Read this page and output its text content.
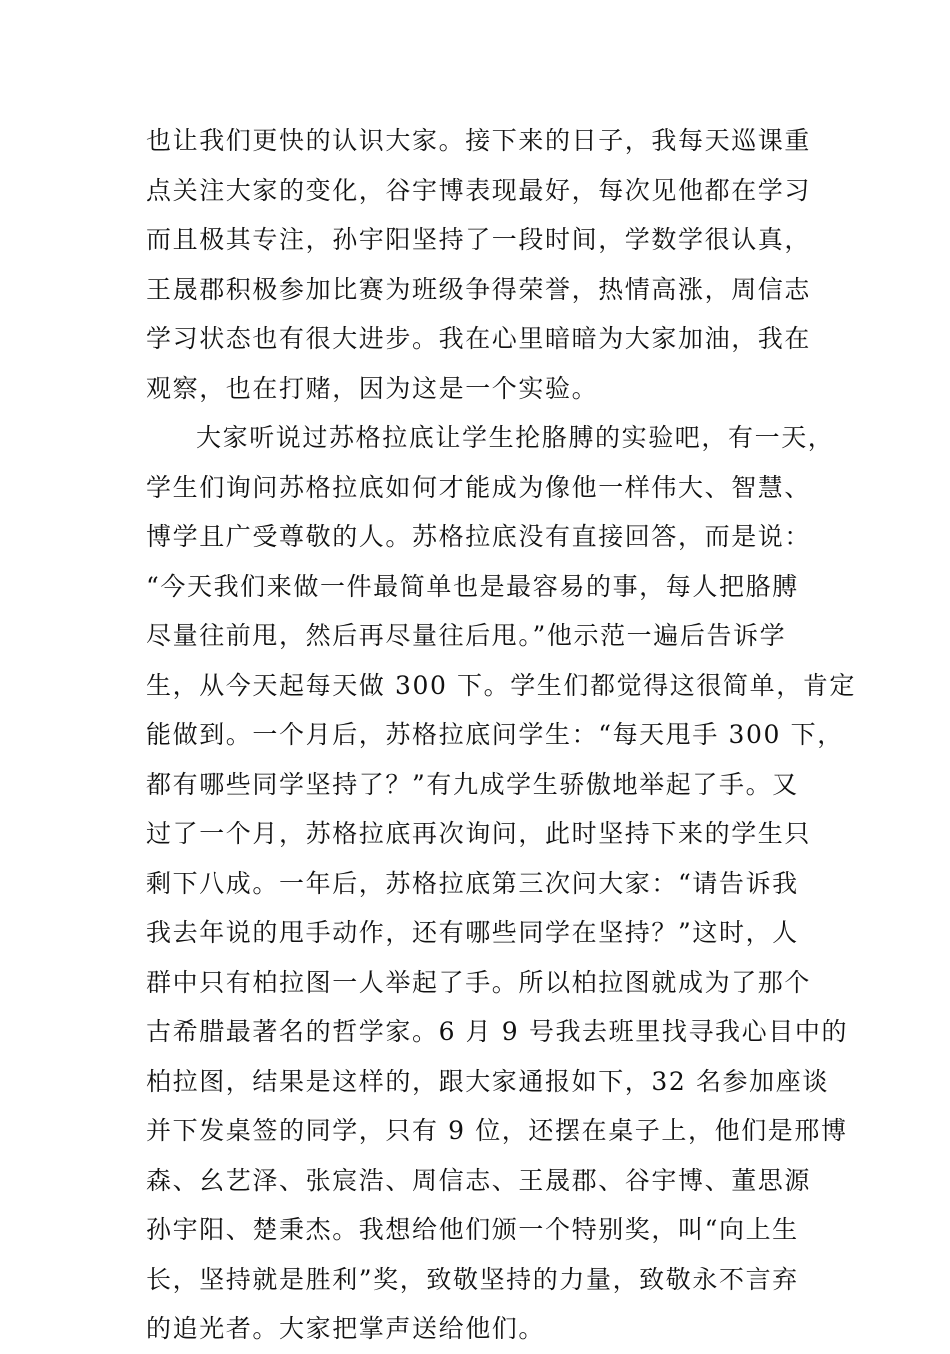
也让我们更快的认识大家。接下来的日子，我每天巡课重
点关注大家的变化，谷宇博表现最好，每次见他都在学习
而且极其专注，孙宇阳坚持了一段时间，学数学很认真，
王晟郡积极参加比赛为班级争得荣誉，热情高涨，周信志
学习状态也有很大进步。我在心里暗暗为大家加油，我在
观察，也在打赌，因为这是一个实验。
大家听说过苏格拉底让学生抡胳膊的实验吧，有一天，
学生们询问苏格拉底如何才能成为像他一样伟大、智慧、
博学且广受尊敬的人。苏格拉底没有直接回答，而是说：
“今天我们来做一件最简单也是最容易的事，每人把胳膊
尽量往前甩，然后再尽量往后甩。”他示范一遍后告诉学
生，从今天起每天做 300 下。学生们都觉得这很简单，肯定
能做到。一个月后，苏格拉底问学生：“每天甩手 300 下，
都有哪些同学坚持了？”有九成学生骄傲地举起了手。又
过了一个月，苏格拉底再次询问，此时坚持下来的学生只
剩下八成。一年后，苏格拉底第三次问大家：“请告诉我
我去年说的甩手动作，还有哪些同学在坚持？”这时，人
群中只有柏拉图一人举起了手。所以柏拉图就成为了那个
古希腊最著名的哲学家。6 月 9 号我去班里找寻我心目中的
柏拉图，结果是这样的，跟大家通报如下，32 名参加座谈
并下发桌签的同学，只有 9 位，还摆在桌子上，他们是邢博
森、幺艺泽、张宸浩、周信志、王晟郡、谷宇博、董思源
孙宇阳、楚秉杰。我想给他们颁一个特别奖，叫“向上生
长，坚持就是胜利”奖，致敬坚持的力量，致敬永不言弃
的追光者。大家把掌声送给他们。
